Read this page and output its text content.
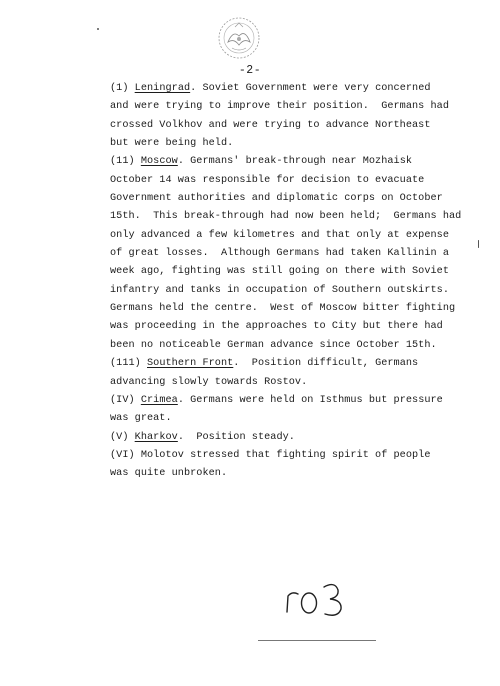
-2-
(1) Leningrad. Soviet Government were very concerned
and were trying to improve their position.  Germans had
crossed Volkhov and were trying to advance Northeast
but were being held.
(11) Moscow. Germans' break-through near Mozhaisk
October 14 was responsible for decision to evacuate
Government authorities and diplomatic corps on October
15th.  This break-through had now been held;  Germans had
only advanced a few kilometres and that only at expense
of great losses.  Although Germans had taken Kallinin a
week ago, fighting was still going on there with Soviet
infantry and tanks in occupation of Southern outskirts.
Germans held the centre.  West of Moscow bitter fighting
was proceeding in the approaches to City but there had
been no noticeable German advance since October 15th.
(111) Southern Front.  Position difficult, Germans
advancing slowly towards Rostov.
(IV) Crimea. Germans were held on Isthmus but pressure
was great.
(V) Kharkov.  Position steady.
(VI) Molotov stressed that fighting spirit of people
was quite unbroken.
